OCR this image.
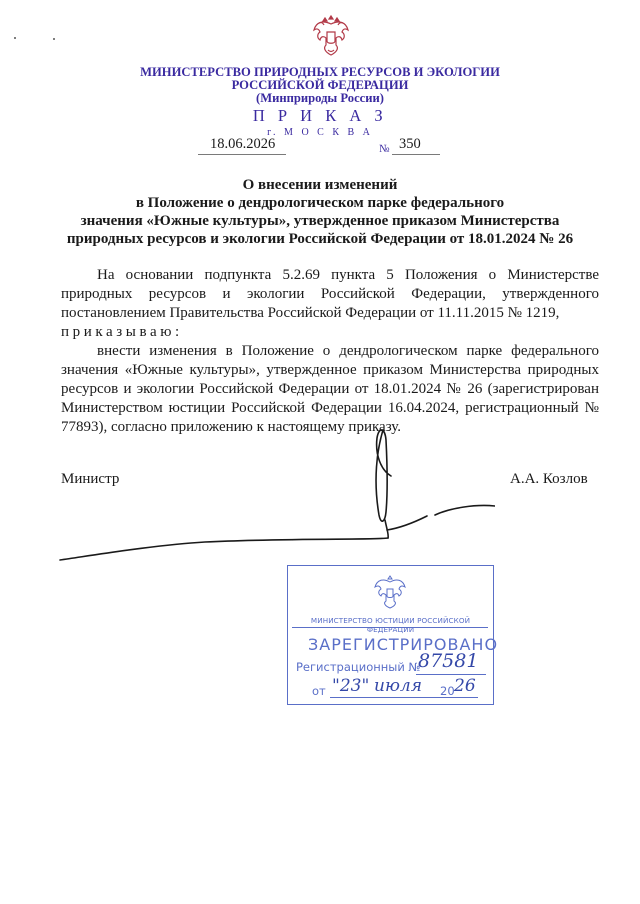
МИНИСТЕРСТВО ПРИРОДНЫХ РЕСУРСОВ И ЭКОЛОГИИ
РОССИЙСКОЙ ФЕДЕРАЦИИ
(Минприроды России)
П Р И К А З
г. М О С К В А
18.06.2026	№ 350
О внесении изменений
в Положение о дендрологическом парке федерального
значения «Южные культуры», утвержденное приказом Министерства
природных ресурсов и экологии Российской Федерации от 18.01.2024 № 26

На основании подпункта 5.2.69 пункта 5 Положения о Министерстве природных ресурсов и экологии Российской Федерации, утвержденного постановлением Правительства Российской Федерации от 11.11.2015 № 1219,

приказываю:

внести изменения в Положение о дендрологическом парке федерального значения «Южные культуры», утвержденное приказом Министерства природных ресурсов и экологии Российской Федерации от 18.01.2024 № 26 (зарегистрирован Министерством юстиции Российской Федерации 16.04.2024, регистрационный № 77893), согласно приложению к настоящему приказу.

Министр	А.А. Козлов
МИНИСТЕРСТВО ЮСТИЦИИ РОССИЙСКОЙ ФЕДЕРАЦИИ
ЗАРЕГИСТРИРОВАНО
Регистрационный №
87581
от "23" июля 20 26
